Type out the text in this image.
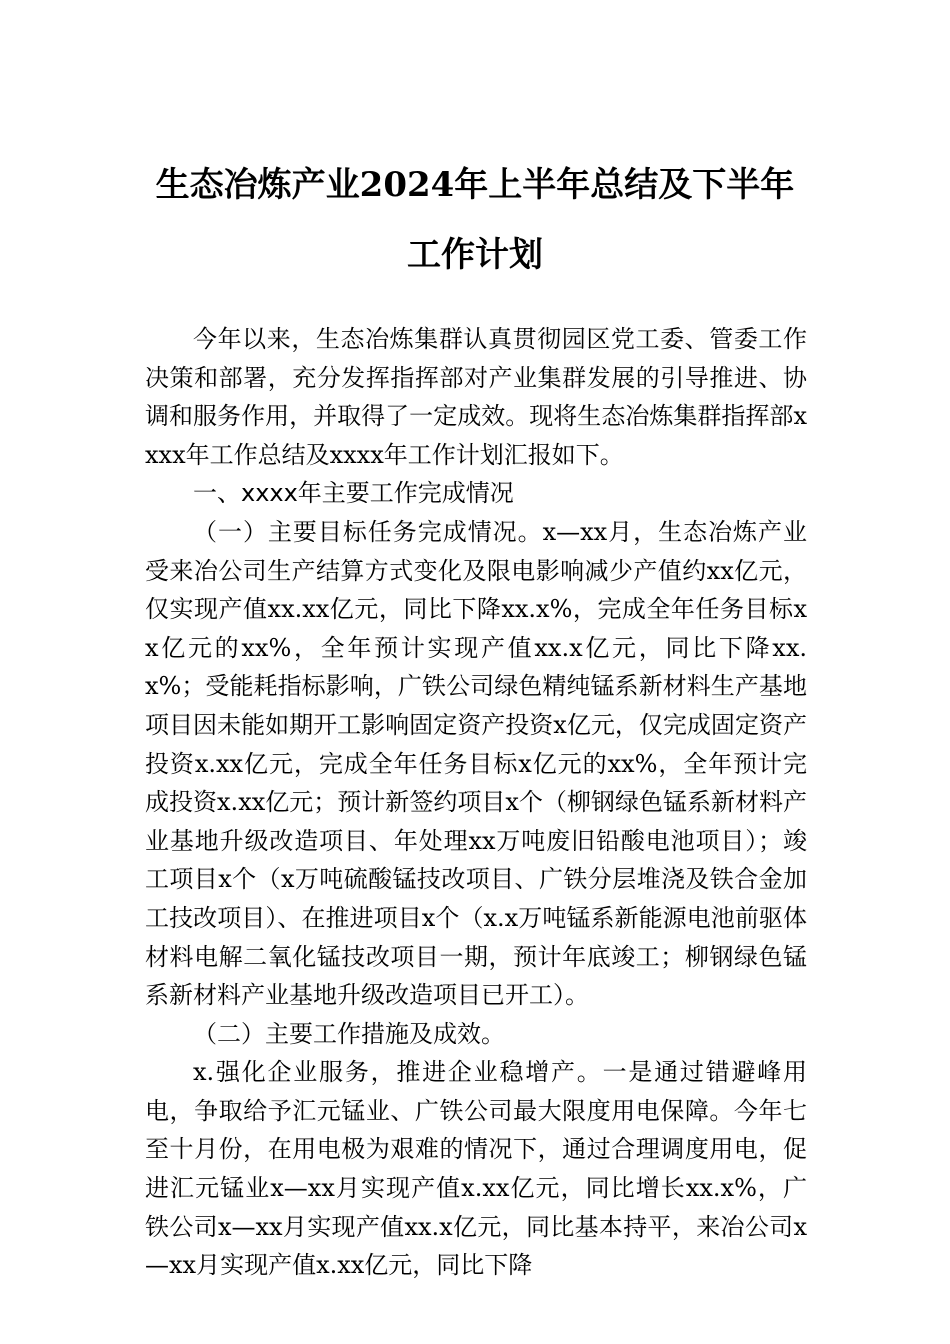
生态冶炼产业2024年上半年总结及下半年
工作计划

今年以来，生态冶炼集群认真贯彻园区党工委、管委工作决策和部署，充分发挥指挥部对产业集群发展的引导推进、协调和服务作用，并取得了一定成效。现将生态冶炼集群指挥部xxxx年工作总结及xxxx年工作计划汇报如下。

一、xxxx年主要工作完成情况

（一）主要目标任务完成情况。x—xx月，生态冶炼产业受来冶公司生产结算方式变化及限电影响减少产值约xx亿元，仅实现产值xx.xx亿元，同比下降xx.x%，完成全年任务目标xx亿元的xx%，全年预计实现产值xx.x亿元，同比下降xx.x%；受能耗指标影响，广铁公司绿色精纯锰系新材料生产基地项目因未能如期开工影响固定资产投资x亿元，仅完成固定资产投资x.xx亿元，完成全年任务目标x亿元的xx%，全年预计完成投资x.xx亿元；预计新签约项目x个（柳钢绿色锰系新材料产业基地升级改造项目、年处理xx万吨废旧铅酸电池项目）；竣工项目x个（x万吨硫酸锰技改项目、广铁分层堆浇及铁合金加工技改项目）、在推进项目x个（x.x万吨锰系新能源电池前驱体材料电解二氧化锰技改项目一期，预计年底竣工；柳钢绿色锰系新材料产业基地升级改造项目已开工）。

（二）主要工作措施及成效。

x.强化企业服务，推进企业稳增产。一是通过错避峰用电，争取给予汇元锰业、广铁公司最大限度用电保障。今年七至十月份，在用电极为艰难的情况下，通过合理调度用电，促进汇元锰业x—xx月实现产值x.xx亿元，同比增长xx.x%，广铁公司x—xx月实现产值xx.x亿元，同比基本持平，来冶公司x—xx月实现产值x.xx亿元，同比下降
